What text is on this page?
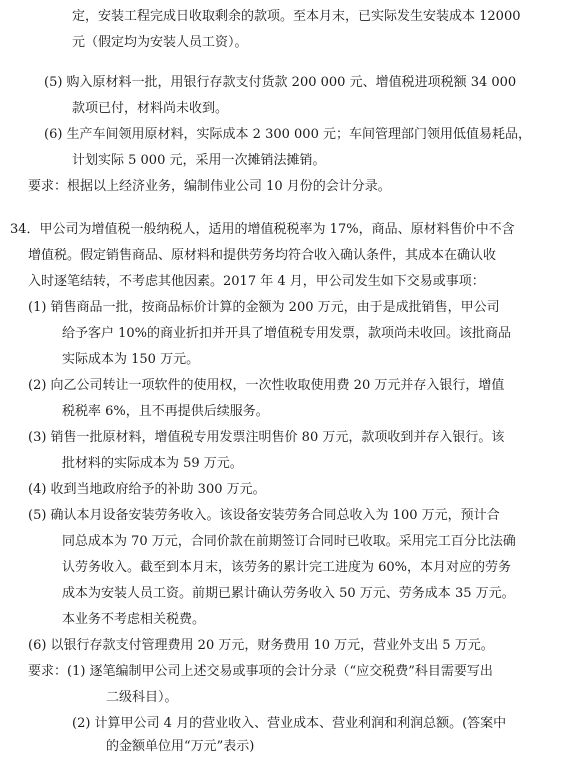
定，安装工程完成日收取剩余的款项。至本月末，已实际发生安装成本 12000
元（假定均为安装人员工资）。
(5) 购入原材料一批，用银行存款支付货款 200 000 元、增值税进项税额 34 000
款项已付，材料尚未收到。
(6) 生产车间领用原材料，实际成本 2 300 000 元；车间管理部门领用低值易耗品，
计划实际 5 000 元，采用一次摊销法摊销。
要求：根据以上经济业务，编制伟业公司 10 月份的会计分录。
34．甲公司为增值税一般纳税人，适用的增值税税率为 17%，商品、原材料售价中不含
增值税。假定销售商品、原材料和提供劳务均符合收入确认条件，其成本在确认收
入时逐笔结转，不考虑其他因素。2017 年 4 月，甲公司发生如下交易或事项：
(1) 销售商品一批，按商品标价计算的金额为 200 万元，由于是成批销售，甲公司
给予客户 10%的商业折扣并开具了增值税专用发票，款项尚未收回。该批商品
实际成本为 150 万元。
(2) 向乙公司转让一项软件的使用权，一次性收取使用费 20 万元并存入银行，增值
税税率 6%，且不再提供后续服务。
(3) 销售一批原材料，增值税专用发票注明售价 80 万元，款项收到并存入银行。该
批材料的实际成本为 59 万元。
(4) 收到当地政府给予的补助 300 万元。
(5) 确认本月设备安装劳务收入。该设备安装劳务合同总收入为 100 万元，预计合
同总成本为 70 万元，合同价款在前期签订合同时已收取。采用完工百分比法确
认劳务收入。截至到本月末，该劳务的累计完工进度为 60%，本月对应的劳务
成本为安装人员工资。前期已累计确认劳务收入 50 万元、劳务成本 35 万元。
本业务不考虑相关税费。
(6) 以银行存款支付管理费用 20 万元，财务费用 10 万元，营业外支出 5 万元。
要求：(1) 逐笔编制甲公司上述交易或事项的会计分录（“应交税费”科目需要写出
二级科目）。
(2) 计算甲公司 4 月的营业收入、营业成本、营业利润和利润总额。(答案中
的金额单位用“万元”表示)
